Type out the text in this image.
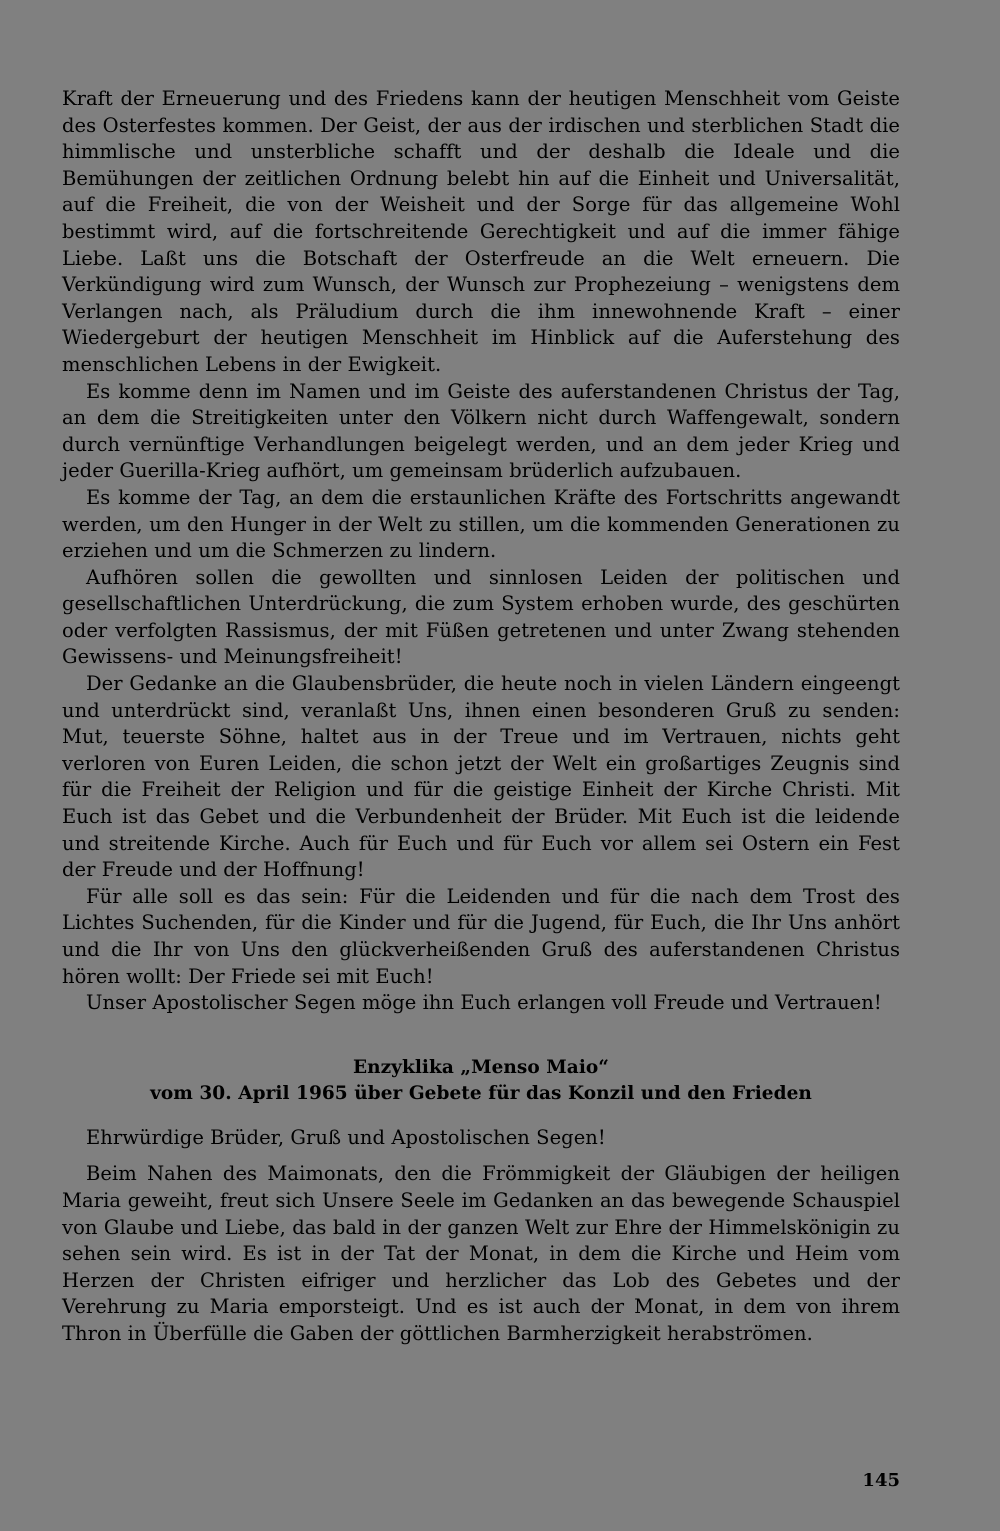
Kraft der Erneuerung und des Friedens kann der heutigen Menschheit vom Geiste des Osterfestes kommen. Der Geist, der aus der irdischen und sterblichen Stadt die himmlische und unsterbliche schafft und der deshalb die Ideale und die Bemühungen der zeitlichen Ordnung belebt hin auf die Einheit und Universalität, auf die Freiheit, die von der Weisheit und der Sorge für das allgemeine Wohl bestimmt wird, auf die fortschreitende Gerechtigkeit und auf die immer fähige Liebe. Laßt uns die Botschaft der Osterfreude an die Welt erneuern. Die Verkündigung wird zum Wunsch, der Wunsch zur Prophezeiung – wenigstens dem Verlangen nach, als Präludium durch die ihm innewohnende Kraft – einer Wiedergeburt der heutigen Menschheit im Hinblick auf die Auferstehung des menschlichen Lebens in der Ewigkeit.

Es komme denn im Namen und im Geiste des auferstandenen Christus der Tag, an dem die Streitigkeiten unter den Völkern nicht durch Waffengewalt, sondern durch vernünftige Verhandlungen beigelegt werden, und an dem jeder Krieg und jeder Guerilla-Krieg aufhört, um gemeinsam brüderlich aufzubauen.

Es komme der Tag, an dem die erstaunlichen Kräfte des Fortschritts angewandt werden, um den Hunger in der Welt zu stillen, um die kommenden Generationen zu erziehen und um die Schmerzen zu lindern.

Aufhören sollen die gewollten und sinnlosen Leiden der politischen und gesellschaftlichen Unterdrückung, die zum System erhoben wurde, des geschürten oder verfolgten Rassismus, der mit Füßen getretenen und unter Zwang stehenden Gewissens- und Meinungsfreiheit!

Der Gedanke an die Glaubensbrüder, die heute noch in vielen Ländern eingeengt und unterdrückt sind, veranlaßt Uns, ihnen einen besonderen Gruß zu senden: Mut, teuerste Söhne, haltet aus in der Treue und im Vertrauen, nichts geht verloren von Euren Leiden, die schon jetzt der Welt ein großartiges Zeugnis sind für die Freiheit der Religion und für die geistige Einheit der Kirche Christi. Mit Euch ist das Gebet und die Verbundenheit der Brüder. Mit Euch ist die leidende und streitende Kirche. Auch für Euch und für Euch vor allem sei Ostern ein Fest der Freude und der Hoffnung!

Für alle soll es das sein: Für die Leidenden und für die nach dem Trost des Lichtes Suchenden, für die Kinder und für die Jugend, für Euch, die Ihr Uns anhört und die Ihr von Uns den glückverheißenden Gruß des auferstandenen Christus hören wollt: Der Friede sei mit Euch!

Unser Apostolischer Segen möge ihn Euch erlangen voll Freude und Vertrauen!

Enzyklika „Menso Maio“

vom 30. April 1965 über Gebete für das Konzil und den Frieden

Ehrwürdige Brüder, Gruß und Apostolischen Segen!

Beim Nahen des Maimonats, den die Frömmigkeit der Gläubigen der heiligen Maria geweiht, freut sich Unsere Seele im Gedanken an das bewegende Schauspiel von Glaube und Liebe, das bald in der ganzen Welt zur Ehre der Himmelskönigin zu sehen sein wird. Es ist in der Tat der Monat, in dem die Kirche und Heim vom Herzen der Christen eifriger und herzlicher das Lob des Gebetes und der Verehrung zu Maria emporsteigt. Und es ist auch der Monat, in dem von ihrem Thron in Überfülle die Gaben der göttlichen Barmherzigkeit herabströmen.

145
